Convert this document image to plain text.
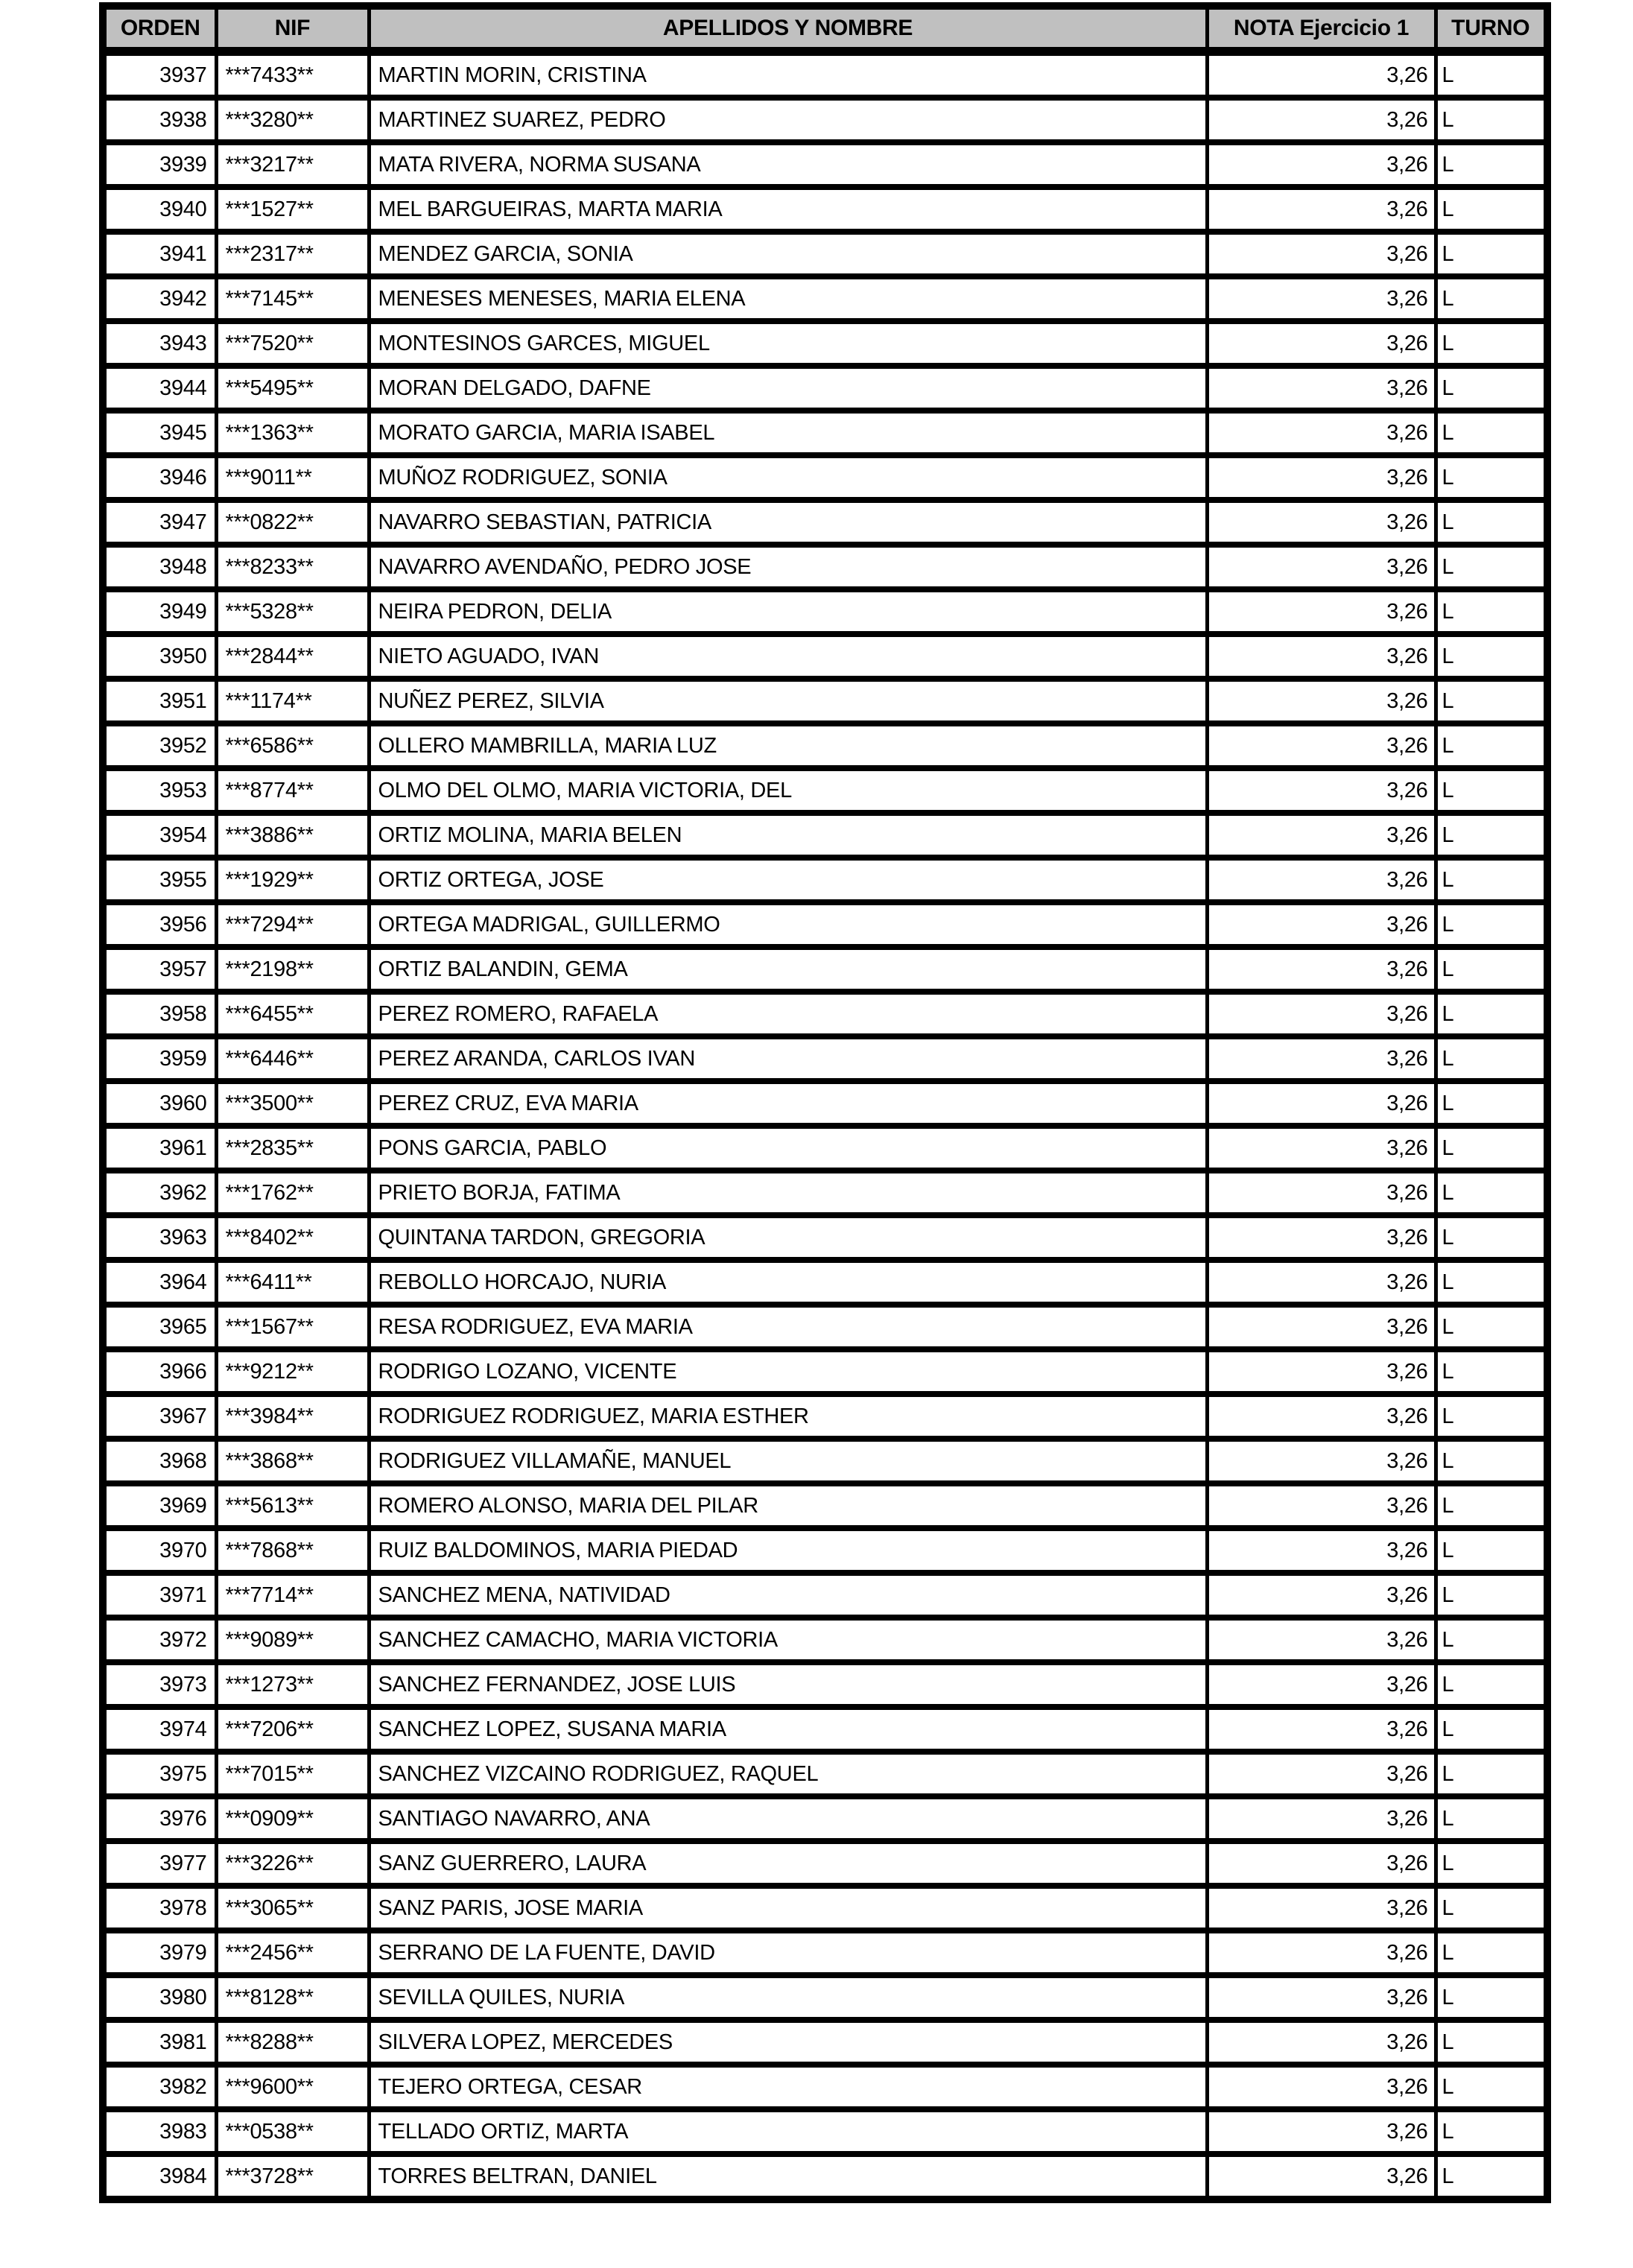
ORDEN	NIF	APELLIDOS Y NOMBRE	NOTA Ejercicio 1	TURNO
3937	***7433**	MARTIN MORIN, CRISTINA	3,26	L
3938	***3280**	MARTINEZ SUAREZ, PEDRO	3,26	L
3939	***3217**	MATA RIVERA, NORMA SUSANA	3,26	L
3940	***1527**	MEL BARGUEIRAS, MARTA MARIA	3,26	L
3941	***2317**	MENDEZ GARCIA, SONIA	3,26	L
3942	***7145**	MENESES MENESES, MARIA ELENA	3,26	L
3943	***7520**	MONTESINOS GARCES, MIGUEL	3,26	L
3944	***5495**	MORAN DELGADO, DAFNE	3,26	L
3945	***1363**	MORATO GARCIA, MARIA ISABEL	3,26	L
3946	***9011**	MUÑOZ RODRIGUEZ, SONIA	3,26	L
3947	***0822**	NAVARRO SEBASTIAN, PATRICIA	3,26	L
3948	***8233**	NAVARRO AVENDAÑO, PEDRO JOSE	3,26	L
3949	***5328**	NEIRA PEDRON, DELIA	3,26	L
3950	***2844**	NIETO AGUADO, IVAN	3,26	L
3951	***1174**	NUÑEZ PEREZ, SILVIA	3,26	L
3952	***6586**	OLLERO MAMBRILLA, MARIA LUZ	3,26	L
3953	***8774**	OLMO DEL OLMO, MARIA VICTORIA, DEL	3,26	L
3954	***3886**	ORTIZ MOLINA, MARIA BELEN	3,26	L
3955	***1929**	ORTIZ ORTEGA, JOSE	3,26	L
3956	***7294**	ORTEGA MADRIGAL, GUILLERMO	3,26	L
3957	***2198**	ORTIZ BALANDIN, GEMA	3,26	L
3958	***6455**	PEREZ ROMERO, RAFAELA	3,26	L
3959	***6446**	PEREZ ARANDA, CARLOS IVAN	3,26	L
3960	***3500**	PEREZ CRUZ, EVA MARIA	3,26	L
3961	***2835**	PONS GARCIA, PABLO	3,26	L
3962	***1762**	PRIETO BORJA, FATIMA	3,26	L
3963	***8402**	QUINTANA TARDON, GREGORIA	3,26	L
3964	***6411**	REBOLLO HORCAJO, NURIA	3,26	L
3965	***1567**	RESA RODRIGUEZ, EVA MARIA	3,26	L
3966	***9212**	RODRIGO LOZANO, VICENTE	3,26	L
3967	***3984**	RODRIGUEZ RODRIGUEZ, MARIA ESTHER	3,26	L
3968	***3868**	RODRIGUEZ VILLAMAÑE, MANUEL	3,26	L
3969	***5613**	ROMERO ALONSO, MARIA DEL PILAR	3,26	L
3970	***7868**	RUIZ BALDOMINOS, MARIA PIEDAD	3,26	L
3971	***7714**	SANCHEZ MENA, NATIVIDAD	3,26	L
3972	***9089**	SANCHEZ CAMACHO, MARIA VICTORIA	3,26	L
3973	***1273**	SANCHEZ FERNANDEZ, JOSE LUIS	3,26	L
3974	***7206**	SANCHEZ LOPEZ, SUSANA MARIA	3,26	L
3975	***7015**	SANCHEZ VIZCAINO RODRIGUEZ, RAQUEL	3,26	L
3976	***0909**	SANTIAGO NAVARRO, ANA	3,26	L
3977	***3226**	SANZ GUERRERO, LAURA	3,26	L
3978	***3065**	SANZ PARIS, JOSE MARIA	3,26	L
3979	***2456**	SERRANO DE LA FUENTE, DAVID	3,26	L
3980	***8128**	SEVILLA QUILES, NURIA	3,26	L
3981	***8288**	SILVERA LOPEZ, MERCEDES	3,26	L
3982	***9600**	TEJERO ORTEGA, CESAR	3,26	L
3983	***0538**	TELLADO ORTIZ, MARTA	3,26	L
3984	***3728**	TORRES BELTRAN, DANIEL	3,26	L
